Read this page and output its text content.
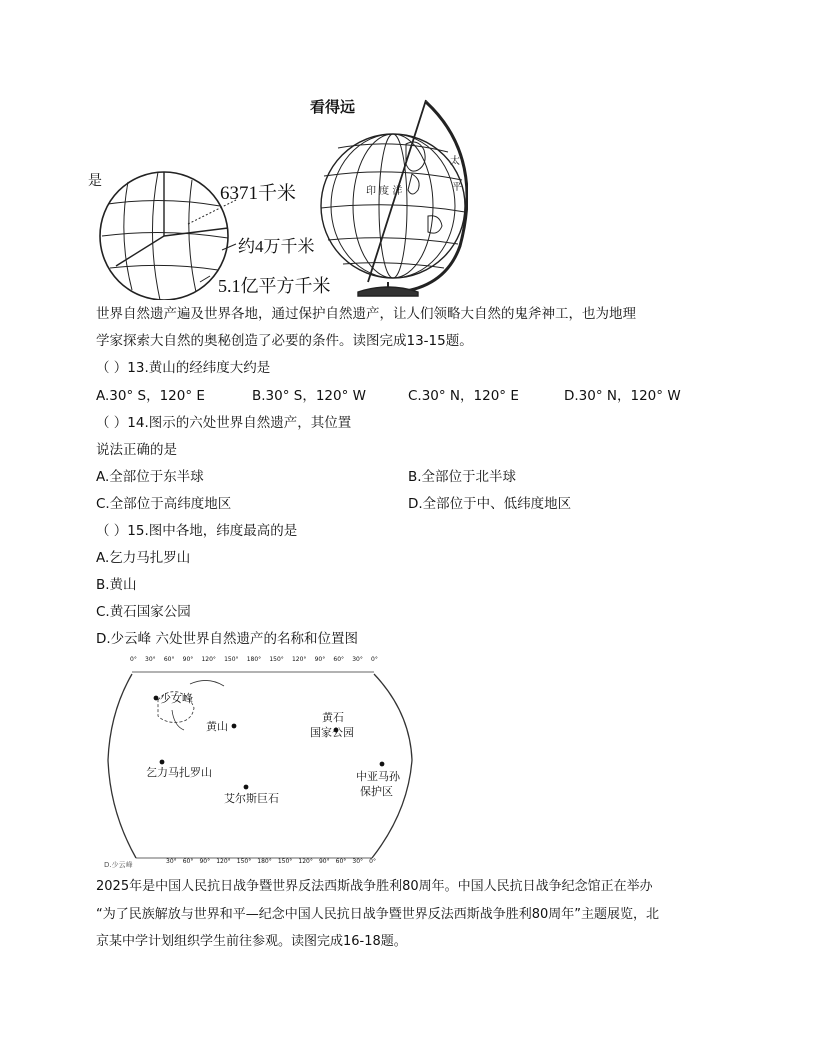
看得远
是
6371千米
约4万千米
5.1亿平方千米
太
平
印 度 洋
世界自然遗产遍及世界各地，通过保护自然遗产，让人们领略大自然的鬼斧神工，也为地理
学家探索大自然的奥秘创造了必要的条件。读图完成13-15题。
（ ）13.黄山的经纬度大约是
A.30° S，120° E	B.30° S，120° W	C.30° N，120° E	D.30° N，120° W
（ ）14.图示的六处世界自然遗产，其位置
说法正确的是
A.全部位于东半球	B.全部位于北半球
C.全部位于高纬度地区	D.全部位于中、低纬度地区
（ ）15.图中各地，纬度最高的是
A.乞力马扎罗山
B.黄山
C.黄石国家公园
D.少云峰 六处世界自然遗产的名称和位置图
0° 30° 60° 90° 120° 150° 180° 150° 120° 90° 60° 30° 0°
30° 60° 90° 120° 150° 180° 150° 120° 90° 60° 30° 0°
少女峰
黄山
黄石
国家公园
乞力马扎罗山
艾尔斯巨石
中亚马孙
保护区
D.少云峰
2025年是中国人民抗日战争暨世界反法西斯战争胜利80周年。中国人民抗日战争纪念馆正在举办
“为了民族解放与世界和平—纪念中国人民抗日战争暨世界反法西斯战争胜利80周年”主题展览，北
京某中学计划组织学生前往参观。读图完成16-18题。
